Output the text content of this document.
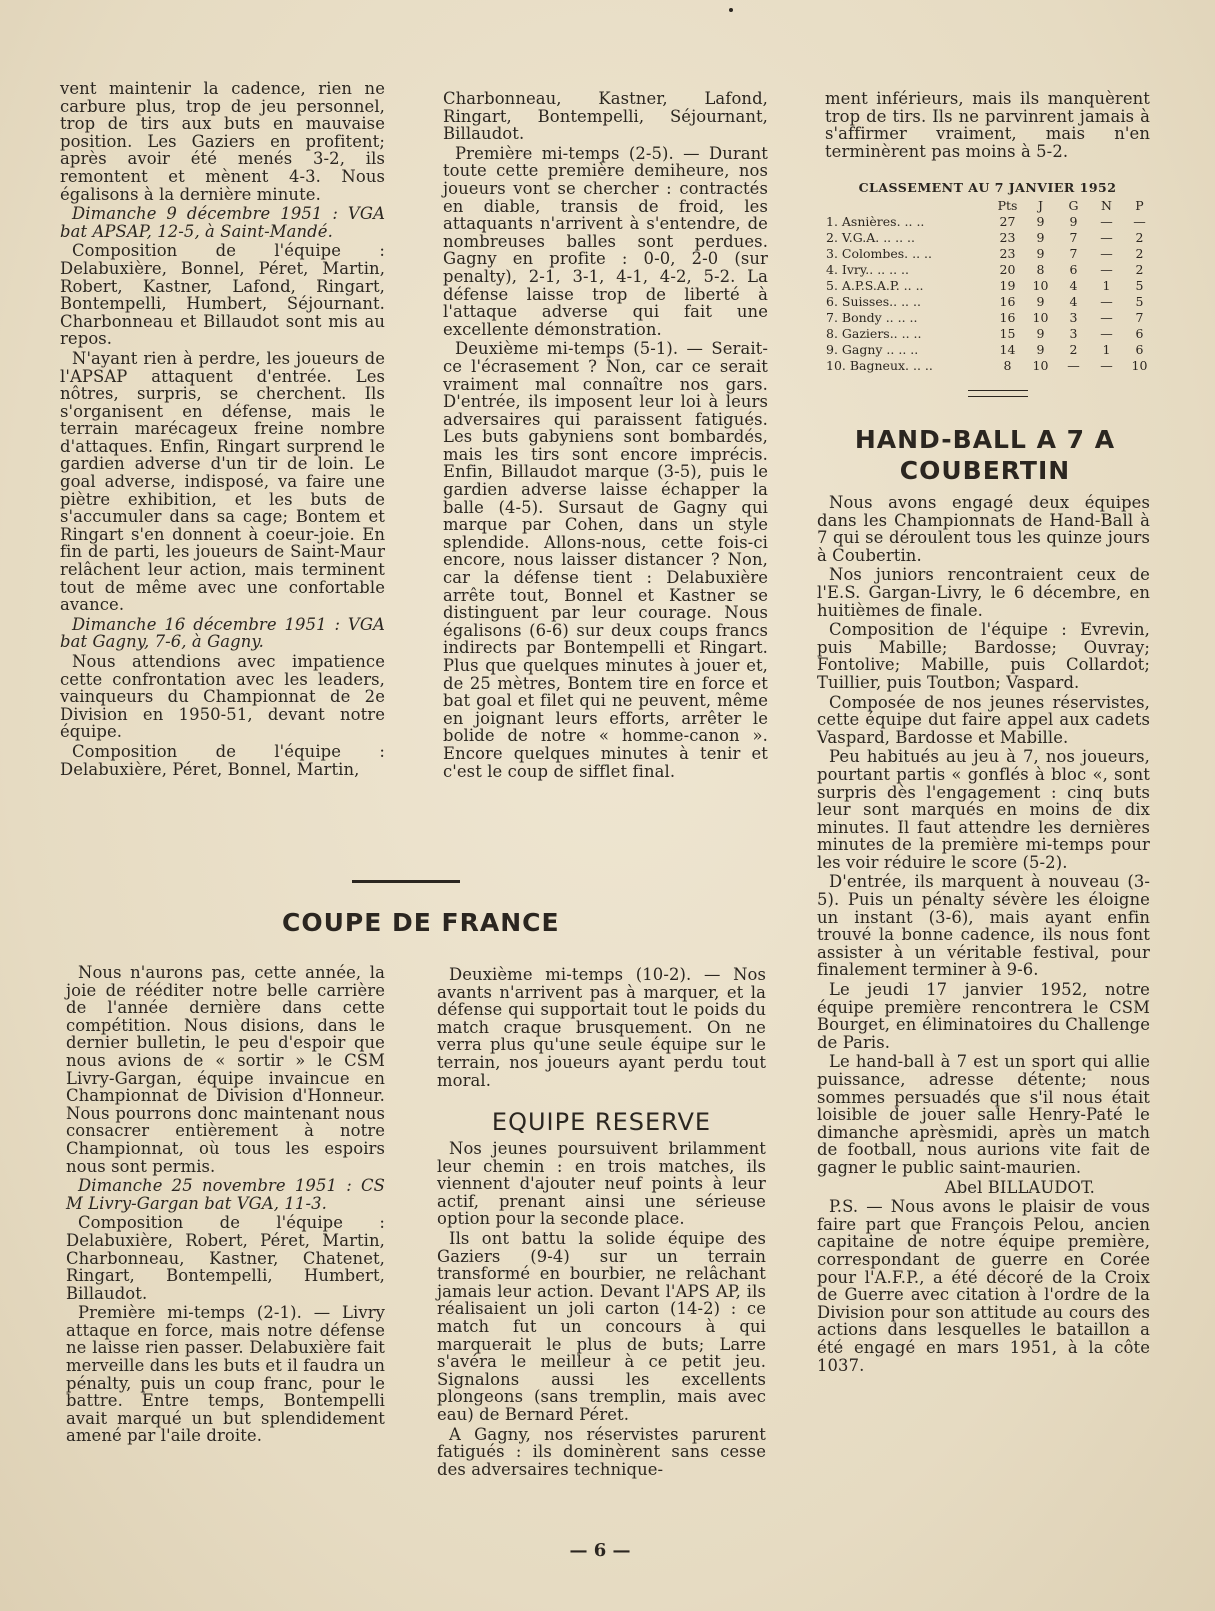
vent maintenir la cadence, rien ne carbure plus, trop de jeu personnel, trop de tirs aux buts en mauvaise position. Les Gaziers en profitent; après avoir été menés 3-2, ils remontent et mènent 4-3. Nous égalisons à la dernière minute.

Dimanche 9 décembre 1951 : VGA bat APSAP, 12-5, à Saint-Mandé.

Composition de l'équipe : Delabuxière, Bonnel, Péret, Martin, Robert, Kastner, Lafond, Ringart, Bontempelli, Humbert, Séjournant. Charbonneau et Billaudot sont mis au repos.

N'ayant rien à perdre, les joueurs de l'APSAP attaquent d'entrée. Les nôtres, surpris, se cherchent. Ils s'organisent en défense, mais le terrain marécageux freine nombre d'attaques. Enfin, Ringart surprend le gardien adverse d'un tir de loin. Le goal adverse, indisposé, va faire une piètre exhibition, et les buts de s'accumuler dans sa cage; Bontem et Ringart s'en donnent à coeur-joie. En fin de parti, les joueurs de Saint-Maur relâchent leur action, mais terminent tout de même avec une confortable avance.

Dimanche 16 décembre 1951 : VGA bat Gagny, 7-6, à Gagny.

Nous attendions avec impatience cette confrontation avec les leaders, vainqueurs du Championnat de 2e Division en 1950-51, devant notre équipe.

Composition de l'équipe : Delabuxière, Péret, Bonnel, Martin,

Charbonneau, Kastner, Lafond, Ringart, Bontempelli, Séjournant, Billaudot.

Première mi-temps (2-5). — Durant toute cette première demiheure, nos joueurs vont se chercher : contractés en diable, transis de froid, les attaquants n'arrivent à s'entendre, de nombreuses balles sont perdues. Gagny en profite : 0-0, 2-0 (sur penalty), 2-1, 3-1, 4-1, 4-2, 5-2. La défense laisse trop de liberté à l'attaque adverse qui fait une excellente démonstration.

Deuxième mi-temps (5-1). — Serait-ce l'écrasement ? Non, car ce serait vraiment mal connaître nos gars. D'entrée, ils imposent leur loi à leurs adversaires qui paraissent fatigués. Les buts gabyniens sont bombardés, mais les tirs sont encore imprécis. Enfin, Billaudot marque (3-5), puis le gardien adverse laisse échapper la balle (4-5). Sursaut de Gagny qui marque par Cohen, dans un style splendide. Allons-nous, cette fois-ci encore, nous laisser distancer ? Non, car la défense tient : Delabuxière arrête tout, Bonnel et Kastner se distinguent par leur courage. Nous égalisons (6-6) sur deux coups francs indirects par Bontempelli et Ringart. Plus que quelques minutes à jouer et, de 25 mètres, Bontem tire en force et bat goal et filet qui ne peuvent, même en joignant leurs efforts, arrêter le bolide de notre « homme-canon ». Encore quelques minutes à tenir et c'est le coup de sifflet final.

ment inférieurs, mais ils manquèrent trop de tirs. Ils ne parvinrent jamais à s'affirmer vraiment, mais n'en terminèrent pas moins à 5-2.

CLASSEMENT AU 7 JANVIER 1952
	Pts	J	G	N	P
1. Asnières. .. ..	27	9	9	—	—
2. V.G.A. .. .. ..	23	9	7	—	2
3. Colombes. .. ..	23	9	7	—	2
4. Ivry.. .. .. ..	20	8	6	—	2
5. A.P.S.A.P. .. ..	19	10	4	1	5
6. Suisses.. .. ..	16	9	4	—	5
7. Bondy .. .. ..	16	10	3	—	7
8. Gaziers.. .. ..	15	9	3	—	6
9. Gagny .. .. ..	14	9	2	1	6
10. Bagneux. .. ..	8	10	—	—	10
HAND-BALL A 7 A COUBERTIN

Nous avons engagé deux équipes dans les Championnats de Hand-Ball à 7 qui se déroulent tous les quinze jours à Coubertin.

Nos juniors rencontraient ceux de l'E.S. Gargan-Livry, le 6 décembre, en huitièmes de finale.

Composition de l'équipe : Evrevin, puis Mabille; Bardosse; Ouvray; Fontolive; Mabille, puis Collardot; Tuillier, puis Toutbon; Vaspard.

Composée de nos jeunes réservistes, cette équipe dut faire appel aux cadets Vaspard, Bardosse et Mabille.

Peu habitués au jeu à 7, nos joueurs, pourtant partis « gonflés à bloc «, sont surpris dès l'engagement : cinq buts leur sont marqués en moins de dix minutes. Il faut attendre les dernières minutes de la première mi-temps pour les voir réduire le score (5-2).

D'entrée, ils marquent à nouveau (3-5). Puis un pénalty sévère les éloigne un instant (3-6), mais ayant enfin trouvé la bonne cadence, ils nous font assister à un véritable festival, pour finalement terminer à 9-6.

Le jeudi 17 janvier 1952, notre équipe première rencontrera le CSM Bourget, en éliminatoires du Challenge de Paris.

Le hand-ball à 7 est un sport qui allie puissance, adresse détente; nous sommes persuadés que s'il nous était loisible de jouer salle Henry-Paté le dimanche aprèsmidi, après un match de football, nous aurions vite fait de gagner le public saint-maurien.

Abel BILLAUDOT.

P.S. — Nous avons le plaisir de vous faire part que François Pelou, ancien capitaine de notre équipe première, correspondant de guerre en Corée pour l'A.F.P., a été décoré de la Croix de Guerre avec citation à l'ordre de la Division pour son attitude au cours des actions dans lesquelles le bataillon a été engagé en mars 1951, à la côte 1037.

COUPE DE FRANCE

Nous n'aurons pas, cette année, la joie de rééditer notre belle carrière de l'année dernière dans cette compétition. Nous disions, dans le dernier bulletin, le peu d'espoir que nous avions de « sortir » le CSM Livry-Gargan, équipe invaincue en Championnat de Division d'Honneur. Nous pourrons donc maintenant nous consacrer entièrement à notre Championnat, où tous les espoirs nous sont permis.

Dimanche 25 novembre 1951 : CS M Livry-Gargan bat VGA, 11-3.

Composition de l'équipe : Delabuxière, Robert, Péret, Martin, Charbonneau, Kastner, Chatenet, Ringart, Bontempelli, Humbert, Billaudot.

Première mi-temps (2-1). — Livry attaque en force, mais notre défense ne laisse rien passer. Delabuxière fait merveille dans les buts et il faudra un pénalty, puis un coup franc, pour le battre. Entre temps, Bontempelli avait marqué un but splendidement amené par l'aile droite.

Deuxième mi-temps (10-2). — Nos avants n'arrivent pas à marquer, et la défense qui supportait tout le poids du match craque brusquement. On ne verra plus qu'une seule équipe sur le terrain, nos joueurs ayant perdu tout moral.

EQUIPE RESERVE

Nos jeunes poursuivent brilamment leur chemin : en trois matches, ils viennent d'ajouter neuf points à leur actif, prenant ainsi une sérieuse option pour la seconde place.

Ils ont battu la solide équipe des Gaziers (9-4) sur un terrain transformé en bourbier, ne relâchant jamais leur action. Devant l'APS AP, ils réalisaient un joli carton (14-2) : ce match fut un concours à qui marquerait le plus de buts; Larre s'avéra le meilleur à ce petit jeu. Signalons aussi les excellents plongeons (sans tremplin, mais avec eau) de Bernard Péret.

A Gagny, nos réservistes parurent fatigués : ils dominèrent sans cesse des adversaires technique-

— 6 —
